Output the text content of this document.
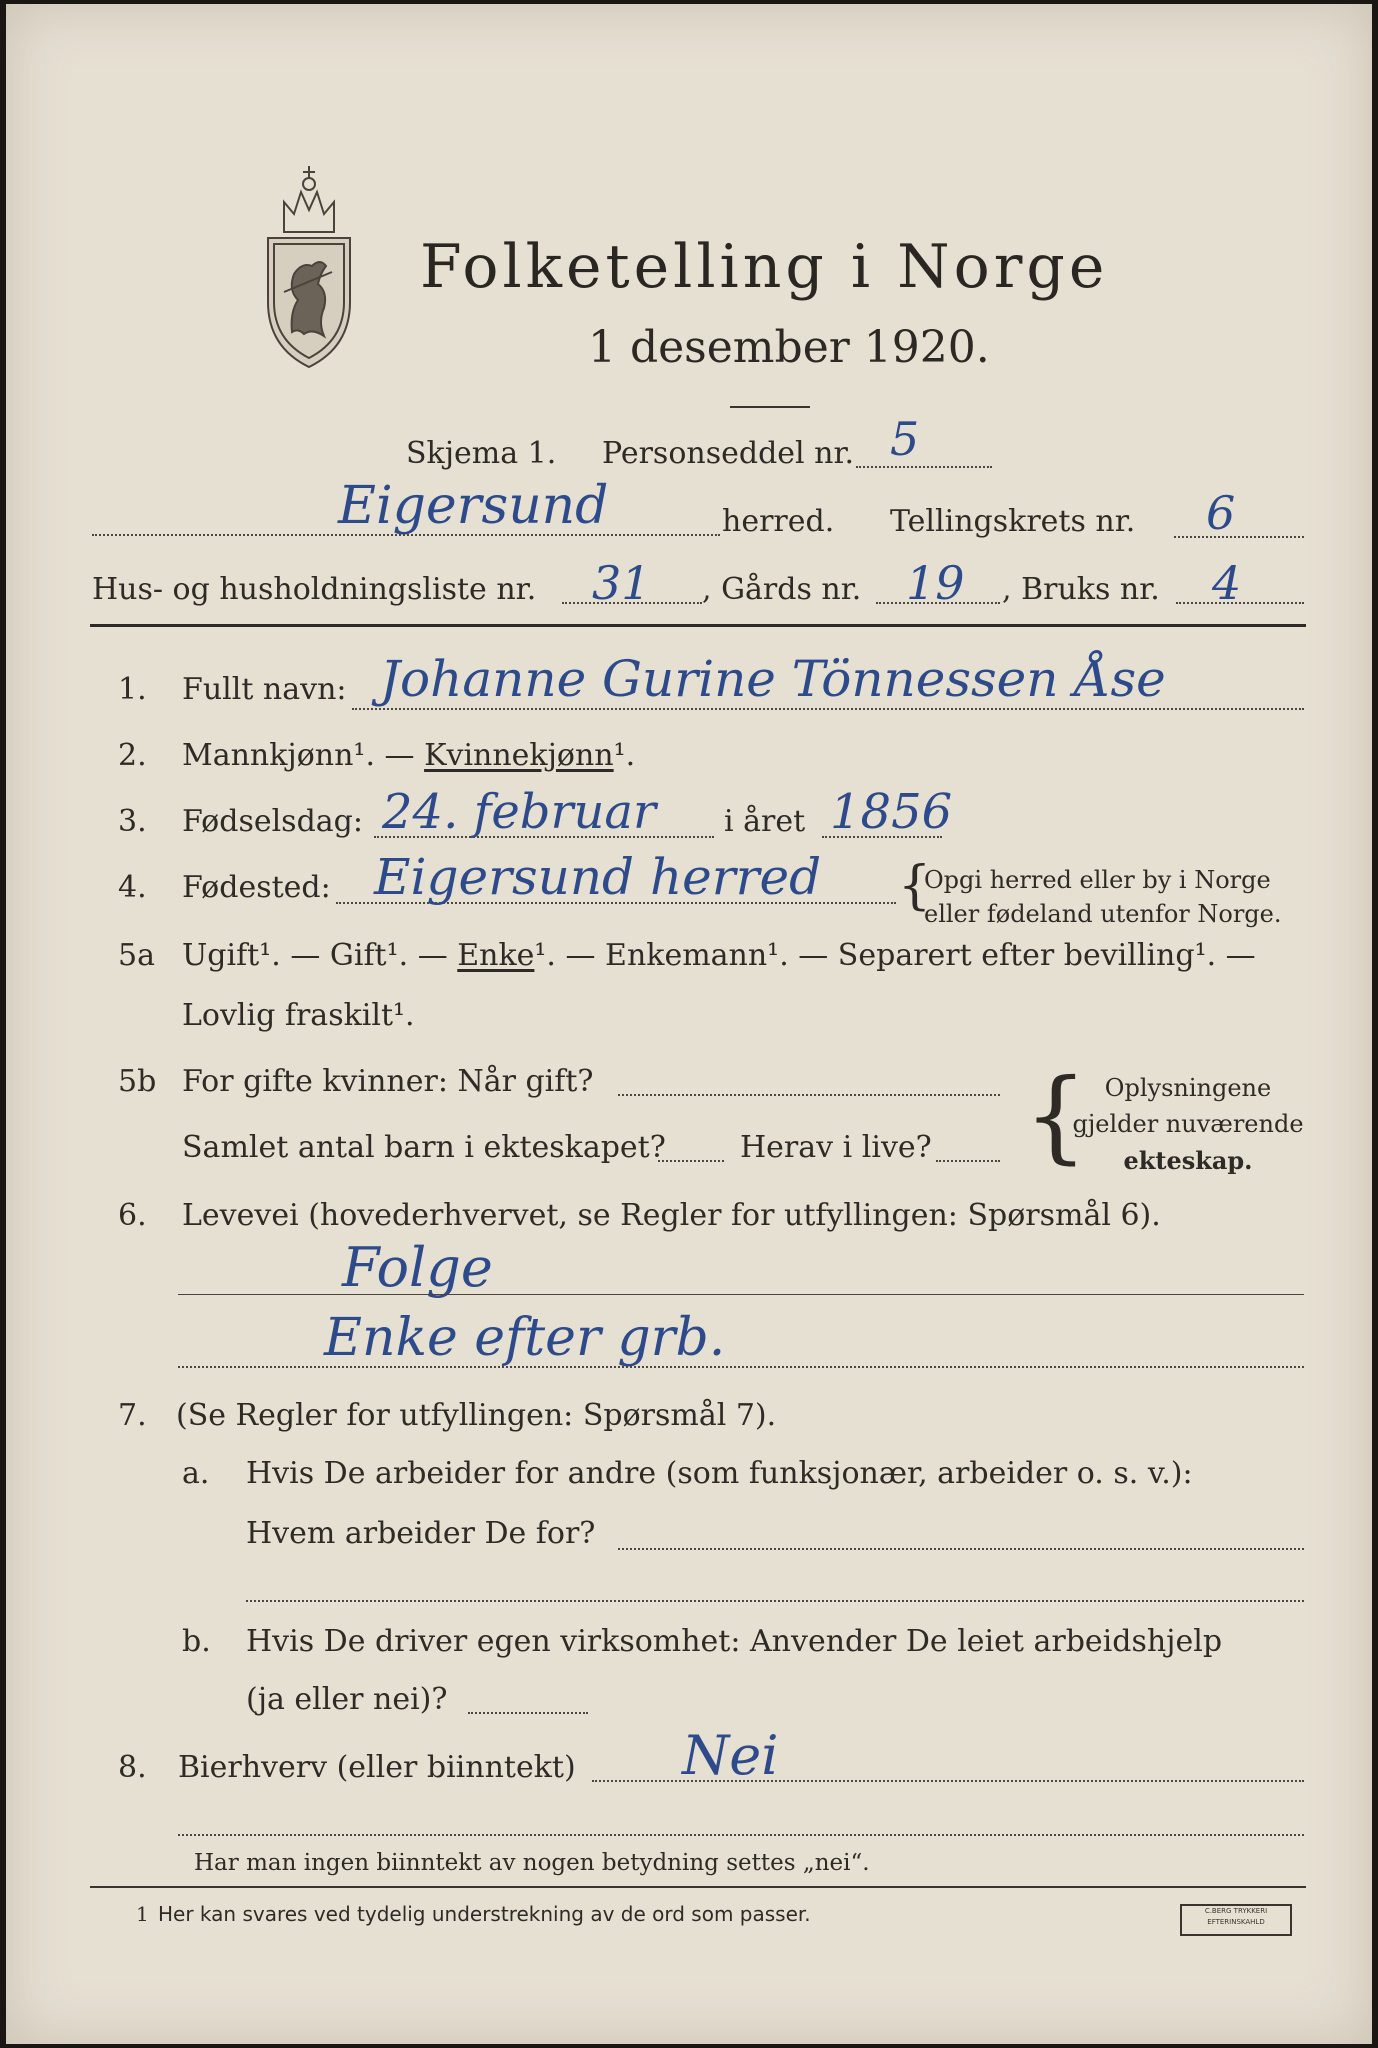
Folketelling i Norge
1 desember 1920.
Skjema 1. Personseddel nr. 5
Eigersund	herred. Tellingskrets nr. 6
Hus- og husholdningsliste nr. 31 , Gårds nr. 19 , Bruks nr. 4
1. Fullt navn: Johanne Gurine Tönnessen Åse
2. Mannkjønn¹. — Kvinnekjønn¹.
3. Fødselsdag: 24. februar i året 1856
4. Fødested: Eigersund herred {
Opgi herred eller by i Norge
eller fødeland utenfor Norge.
5a Ugift¹. — Gift¹. — Enke¹. — Enkemann¹. — Separert efter bevilling¹. —
Lovlig fraskilt¹.
5b For gifte kvinner: Når gift?
Samlet antal barn i ekteskapet? Herav i live? { Oplysningene
gjelder nuværende
ekteskap.
6. Levevei (hovederhvervet, se Regler for utfyllingen: Spørsmål 6).
Folge
Enke efter grb.
7. (Se Regler for utfyllingen: Spørsmål 7).
a. Hvis De arbeider for andre (som funksjonær, arbeider o. s. v.):
Hvem arbeider De for?
b. Hvis De driver egen virksomhet: Anvender De leiet arbeidshjelp
(ja eller nei)?
8. Bierhverv (eller biinntekt) Nei
Har man ingen biinntekt av nogen betydning settes „nei“.
1 Her kan svares ved tydelig understrekning av de ord som passer.	C.BERG TRYKKERI
EFTERINSKAHLD
